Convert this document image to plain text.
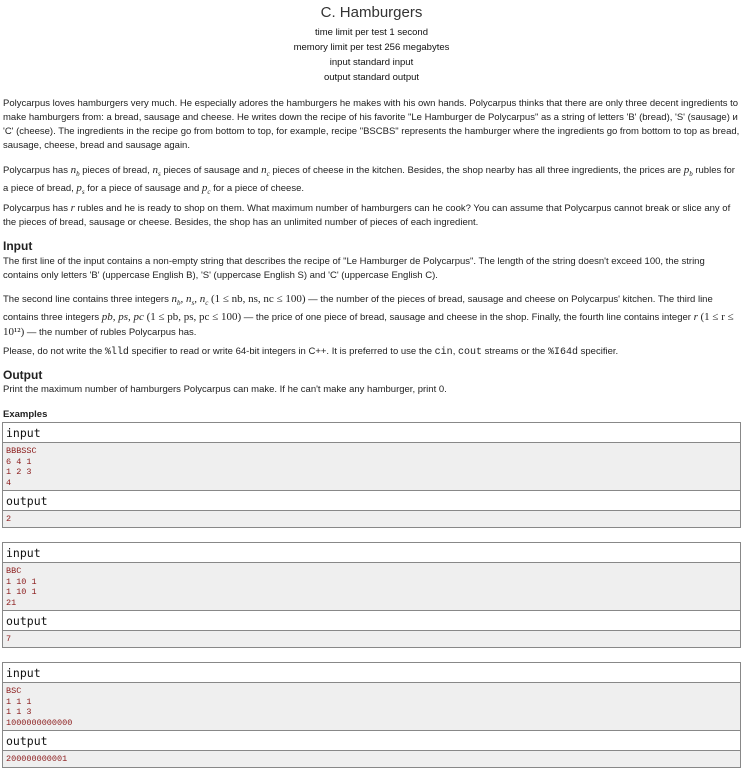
C. Hamburgers
time limit per test 1 second
memory limit per test 256 megabytes
input standard input
output standard output

Polycarpus loves hamburgers very much. He especially adores the hamburgers he makes with his own hands. Polycarpus thinks that there are only three decent ingredients to make hamburgers from: a bread, sausage and cheese. He writes down the recipe of his favorite "Le Hamburger de Polycarpus" as a string of letters 'B' (bread), 'S' (sausage) и 'C' (cheese). The ingredients in the recipe go from bottom to top, for example, recipe "BSCBS" represents the hamburger where the ingredients go from bottom to top as bread, sausage, cheese, bread and sausage again.

Polycarpus has $n_b$ pieces of bread, $n_s$ pieces of sausage and $n_c$ pieces of cheese in the kitchen. Besides, the shop nearby has all three ingredients, the prices are $p_b$ rubles for a piece of bread, $p_s$ for a piece of sausage and $p_c$ for a piece of cheese.

Polycarpus has r rubles and he is ready to shop on them. What maximum number of hamburgers can he cook? You can assume that Polycarpus cannot break or slice any of the pieces of bread, sausage or cheese. Besides, the shop has an unlimited number of pieces of each ingredient.

Input

The first line of the input contains a non-empty string that describes the recipe of "Le Hamburger de Polycarpus". The length of the string doesn't exceed 100, the string contains only letters 'B' (uppercase English B), 'S' (uppercase English S) and 'C' (uppercase English C).

The second line contains three integers $n_b$, $n_s$, $n_c$ (1 ≤ nb, ns, nc ≤ 100) — the number of the pieces of bread, sausage and cheese on Polycarpus' kitchen. The third line contains three integers pb, ps, pc (1 ≤ pb, ps, pc ≤ 100) — the price of one piece of bread, sausage and cheese in the shop. Finally, the fourth line contains integer r (1 ≤ r ≤ 10¹²) — the number of rubles Polycarpus has.

Please, do not write the %lld specifier to read or write 64-bit integers in С++. It is preferred to use the cin, cout streams or the %I64d specifier.

Output

Print the maximum number of hamburgers Polycarpus can make. If he can't make any hamburger, print 0.

Examples
input
BBBSSC
6 4 1
1 2 3
4
output
2
input
BBC
1 10 1
1 10 1
21
output
7
input
BSC
1 1 1
1 1 3
1000000000000
output
200000000001
